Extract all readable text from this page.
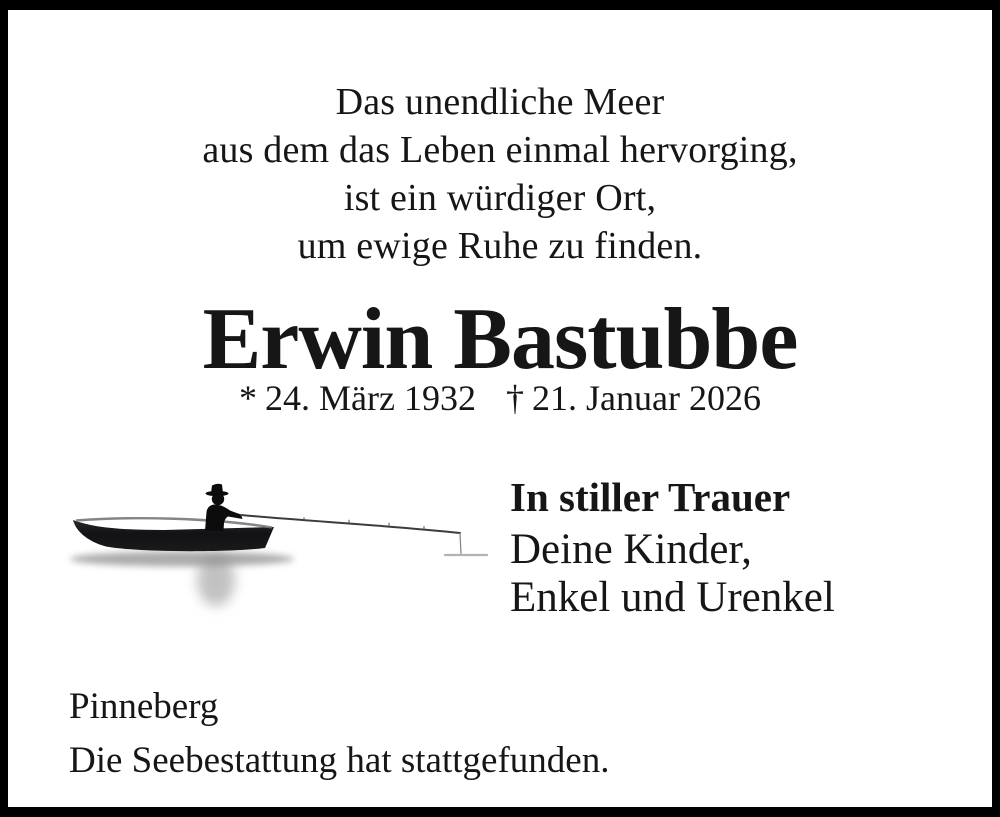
Das unendliche Meer
aus dem das Leben einmal hervorging,
ist ein würdiger Ort,
um ewige Ruhe zu finden.
Erwin Bastubbe
* 24. März 1932 † 21. Januar 2026
In stiller Trauer
Deine Kinder,
Enkel und Urenkel
Pinneberg
Die Seebestattung hat stattgefunden.
